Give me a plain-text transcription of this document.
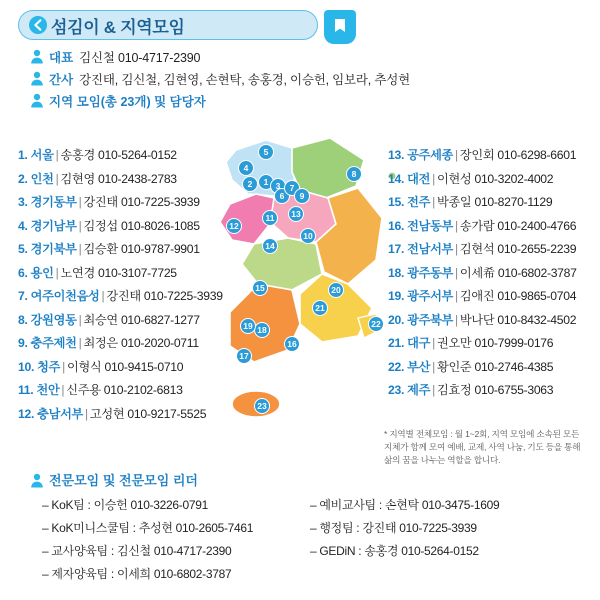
섬김이 & 지역모임
대표 김신철 010-4717-2390
간사 강진태, 김신철, 김현영, 손현탁, 송홍경, 이승헌, 임보라, 추성현
지역 모임(총 23개) 및 담당자
1
2	3
4
5
6
7
8
9
10
11
12
13
14
15
16
17
18
19
20
21
22
23
1. 서울 | 송홍경 010-5264-0152
2. 인천 | 김현영 010-2438-2783
3. 경기동부 | 강진태 010-7225-3939
4. 경기남부 | 김정섭 010-8026-1085
5. 경기북부 | 김승환 010-9787-9901
6. 용인 | 노연경 010-3107-7725
7. 여주이천음성 | 강진태 010-7225-3939
8. 강원영동 | 최승연 010-6827-1277
9. 충주제천 | 최정은 010-2020-0711
10. 청주 | 이형식 010-9415-0710
11. 천안 | 신주용 010-2102-6813
12. 충남서부 | 고성현 010-9217-5525
13. 공주세종 | 장인회 010-6298-6601
14. 대전 | 이현성 010-3202-4002
15. 전주 | 박종일 010-8270-1129
16. 전남동부 | 송가람 010-2400-4766
17. 전남서부 | 김현석 010-2655-2239
18. 광주동부 | 이세希 010-6802-3787
19. 광주서부 | 김애진 010-9865-0704
20. 광주북부 | 박나단 010-8432-4502
21. 대구 | 권오만 010-7999-0176
22. 부산 | 황인준 010-2746-4385
23. 제주 | 김효정 010-6755-3063
* 지역별 전체모임 : 월 1~2회, 지역 모임에 소속된 모든 지체가 함께 모여 예배, 교제, 사역 나눔, 기도 등을 통해 삶의 꿈을 나누는 역할을 합니다.
전문모임 및 전문모임 리더
– KoK팀 : 이승헌 010-3226-0791
– KoK미니스쿨팀 : 추성현 010-2605-7461
– 교사양육팀 : 김신철 010-4717-2390
– 제자양육팀 : 이세희 010-6802-3787
– 예비교사팀 : 손현탁 010-3475-1609
– 행정팀 : 강진태 010-7225-3939
– GEDiN : 송홍경 010-5264-0152
